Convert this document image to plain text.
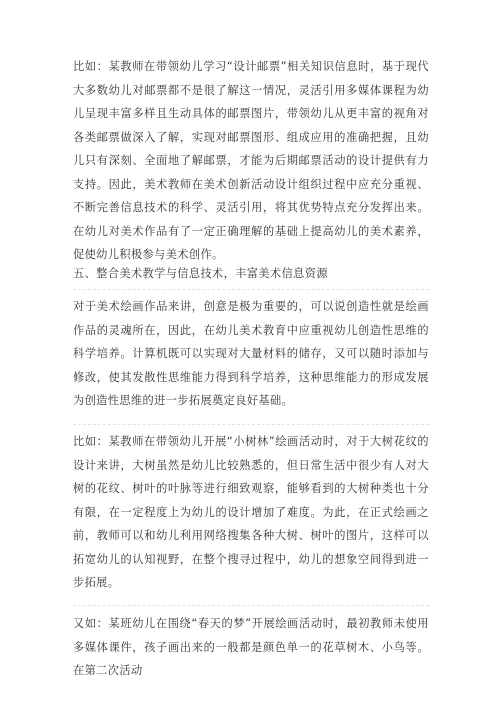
比如：某教师在带领幼儿学习“设计邮票”相关知识信息时，基于现代大多数幼儿对邮票都不是很了解这一情况，灵活引用多媒体课程为幼儿呈现丰富多样且生动具体的邮票图片，带领幼儿从更丰富的视角对各类邮票做深入了解，实现对邮票图形、组成应用的准确把握，且幼儿只有深刻、全面地了解邮票，才能为后期邮票活动的设计提供有力支持。因此，美术教师在美术创新活动设计组织过程中应充分重视、不断完善信息技术的科学、灵活引用，将其优势特点充分发挥出来。在幼儿对美术作品有了一定正确理解的基础上提高幼儿的美术素养，促使幼儿积极参与美术创作。

五、整合美术教学与信息技术，丰富美术信息资源

对于美术绘画作品来讲，创意是极为重要的，可以说创造性就是绘画作品的灵魂所在，因此，在幼儿美术教育中应重视幼儿创造性思维的科学培养。计算机既可以实现对大量材料的储存，又可以随时添加与修改，使其发散性思维能力得到科学培养，这种思维能力的形成发展为创造性思维的进一步拓展奠定良好基础。

比如：某教师在带领幼儿开展“小树林”绘画活动时，对于大树花纹的设计来讲，大树虽然是幼儿比较熟悉的，但日常生活中很少有人对大树的花纹、树叶的叶脉等进行细致观察，能够看到的大树种类也十分有限，在一定程度上为幼儿的设计增加了难度。为此，在正式绘画之前，教师可以和幼儿利用网络搜集各种大树、树叶的图片，这样可以拓宽幼儿的认知视野，在整个搜寻过程中，幼儿的想象空间得到进一步拓展。

又如：某班幼儿在围绕“春天的梦”开展绘画活动时，最初教师未使用多媒体课件，孩子画出来的一般都是颜色单一的花草树木、小鸟等。在第二次活动
